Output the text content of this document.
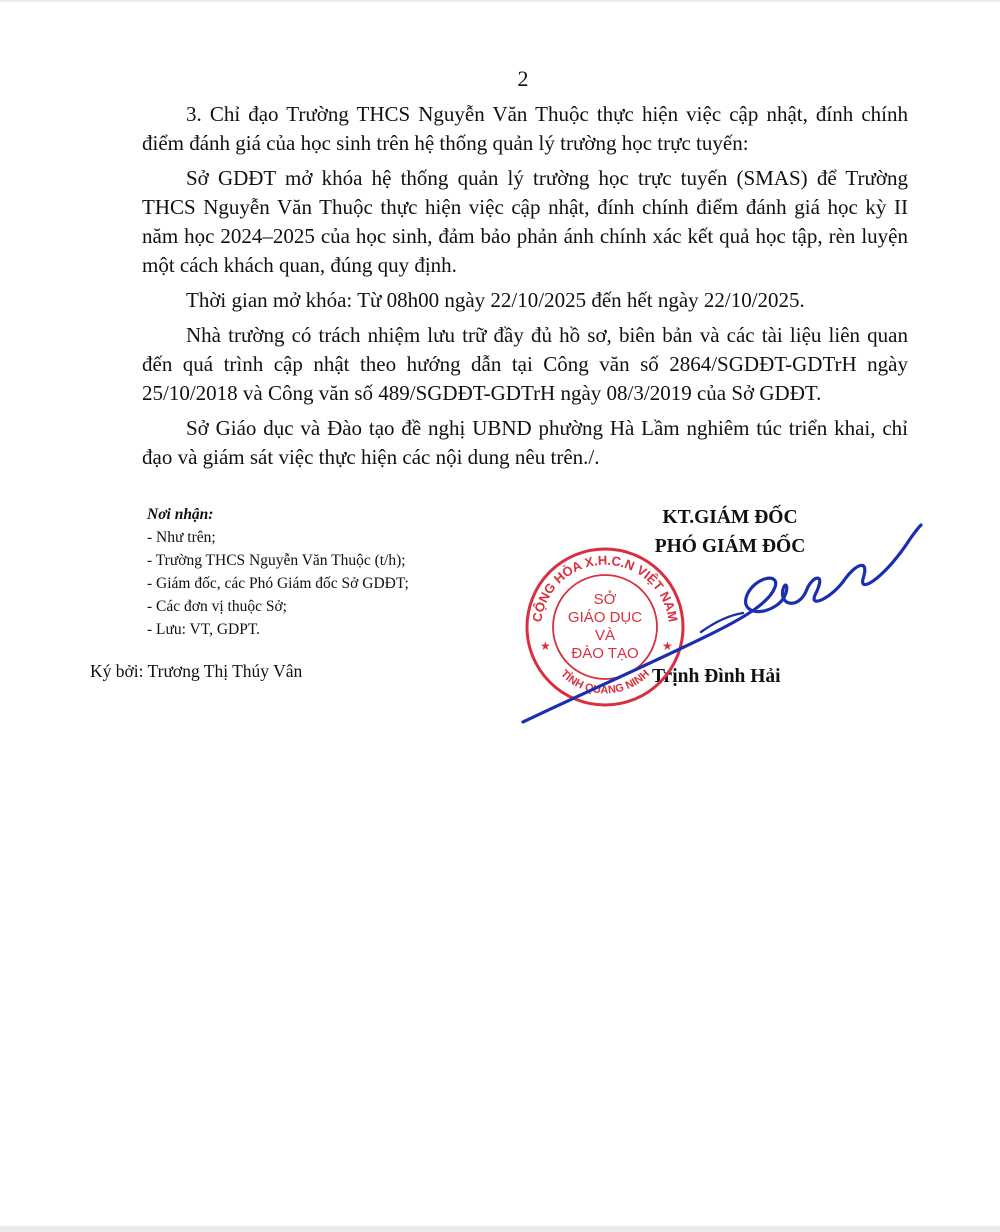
2

3. Chỉ đạo Trường THCS Nguyễn Văn Thuộc thực hiện việc cập nhật, đính chính điểm đánh giá của học sinh trên hệ thống quản lý trường học trực tuyến:

Sở GDĐT mở khóa hệ thống quản lý trường học trực tuyến (SMAS) để Trường THCS Nguyễn Văn Thuộc thực hiện việc cập nhật, đính chính điểm đánh giá học kỳ II năm học 2024–2025 của học sinh, đảm bảo phản ánh chính xác kết quả học tập, rèn luyện một cách khách quan, đúng quy định.

Thời gian mở khóa: Từ 08h00 ngày 22/10/2025 đến hết ngày 22/10/2025.

Nhà trường có trách nhiệm lưu trữ đầy đủ hồ sơ, biên bản và các tài liệu liên quan đến quá trình cập nhật theo hướng dẫn tại Công văn số 2864/SGDĐT-GDTrH ngày 25/10/2018 và Công văn số 489/SGDĐT-GDTrH ngày 08/3/2019 của Sở GDĐT.

Sở Giáo dục và Đào tạo đề nghị UBND phường Hà Lầm nghiêm túc triển khai, chỉ đạo và giám sát việc thực hiện các nội dung nêu trên./.

Nơi nhận:
- Như trên;
- Trường THCS Nguyễn Văn Thuộc (t/h);
- Giám đốc, các Phó Giám đốc Sở GDĐT;
- Các đơn vị thuộc Sở;
- Lưu: VT, GDPT.
Ký bởi: Trương Thị Thúy Vân
KT.GIÁM ĐỐC
PHÓ GIÁM ĐỐC
Trịnh Đình Hải
CỘNG HÒA X.H.C.N VIỆT NAM
TỈNH QUẢNG NINH
★	★
SỞ
GIÁO DỤC
VÀ
ĐÀO TẠO
